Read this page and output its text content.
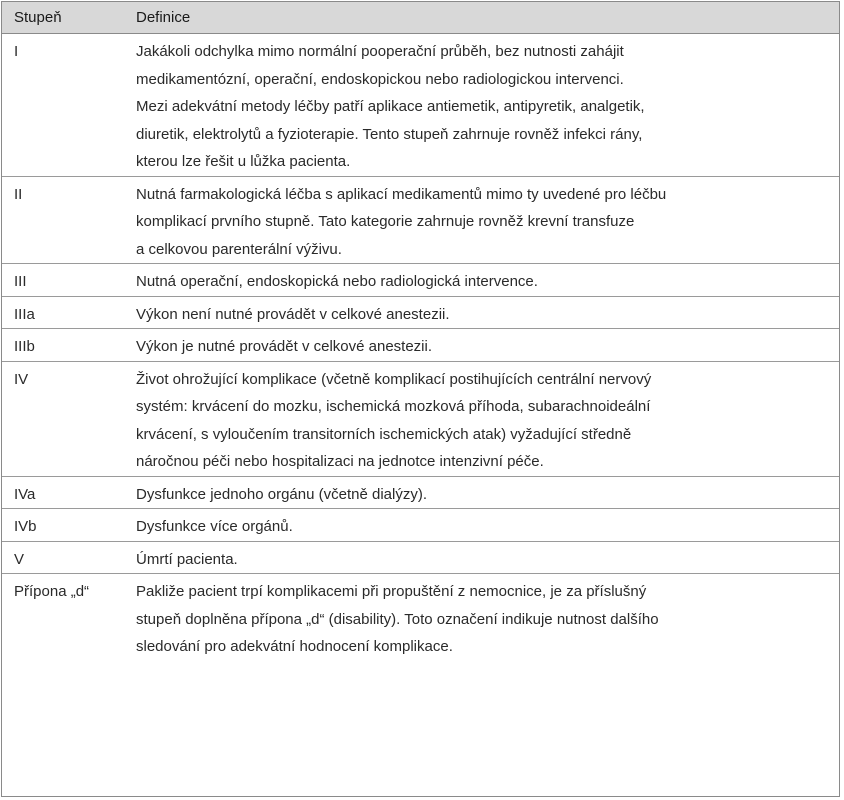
Stupeň	Definice
I	Jakákoli odchylka mimo normální pooperační průběh, bez nutnosti zahájit
medikamentózní, operační, endoskopickou nebo radiologickou intervenci.
Mezi adekvátní metody léčby patří aplikace antiemetik, antipyretik, analgetik,
diuretik, elektrolytů a fyzioterapie. Tento stupeň zahrnuje rovněž infekci rány,
kterou lze řešit u lůžka pacienta.

II	Nutná farmakologická léčba s aplikací medikamentů mimo ty uvedené pro léčbu
komplikací prvního stupně. Tato kategorie zahrnuje rovněž krevní transfuze
a celkovou parenterální výživu.

III	Nutná operační, endoskopická nebo radiologická intervence.

IIIa	Výkon není nutné provádět v celkové anestezii.

IIIb	Výkon je nutné provádět v celkové anestezii.

IV	Život ohrožující komplikace (včetně komplikací postihujících centrální nervový
systém: krvácení do mozku, ischemická mozková příhoda, subarachnoideální
krvácení, s vyloučením transitorních ischemických atak) vyžadující středně
náročnou péči nebo hospitalizaci na jednotce intenzivní péče.

IVa	Dysfunkce jednoho orgánu (včetně dialýzy).

IVb	Dysfunkce více orgánů.

V	Úmrtí pacienta.

Přípona „d“	Pakliže pacient trpí komplikacemi při propuštění z nemocnice, je za příslušný
stupeň doplněna přípona „d“ (disability). Toto označení indikuje nutnost dalšího
sledování pro adekvátní hodnocení komplikace.
